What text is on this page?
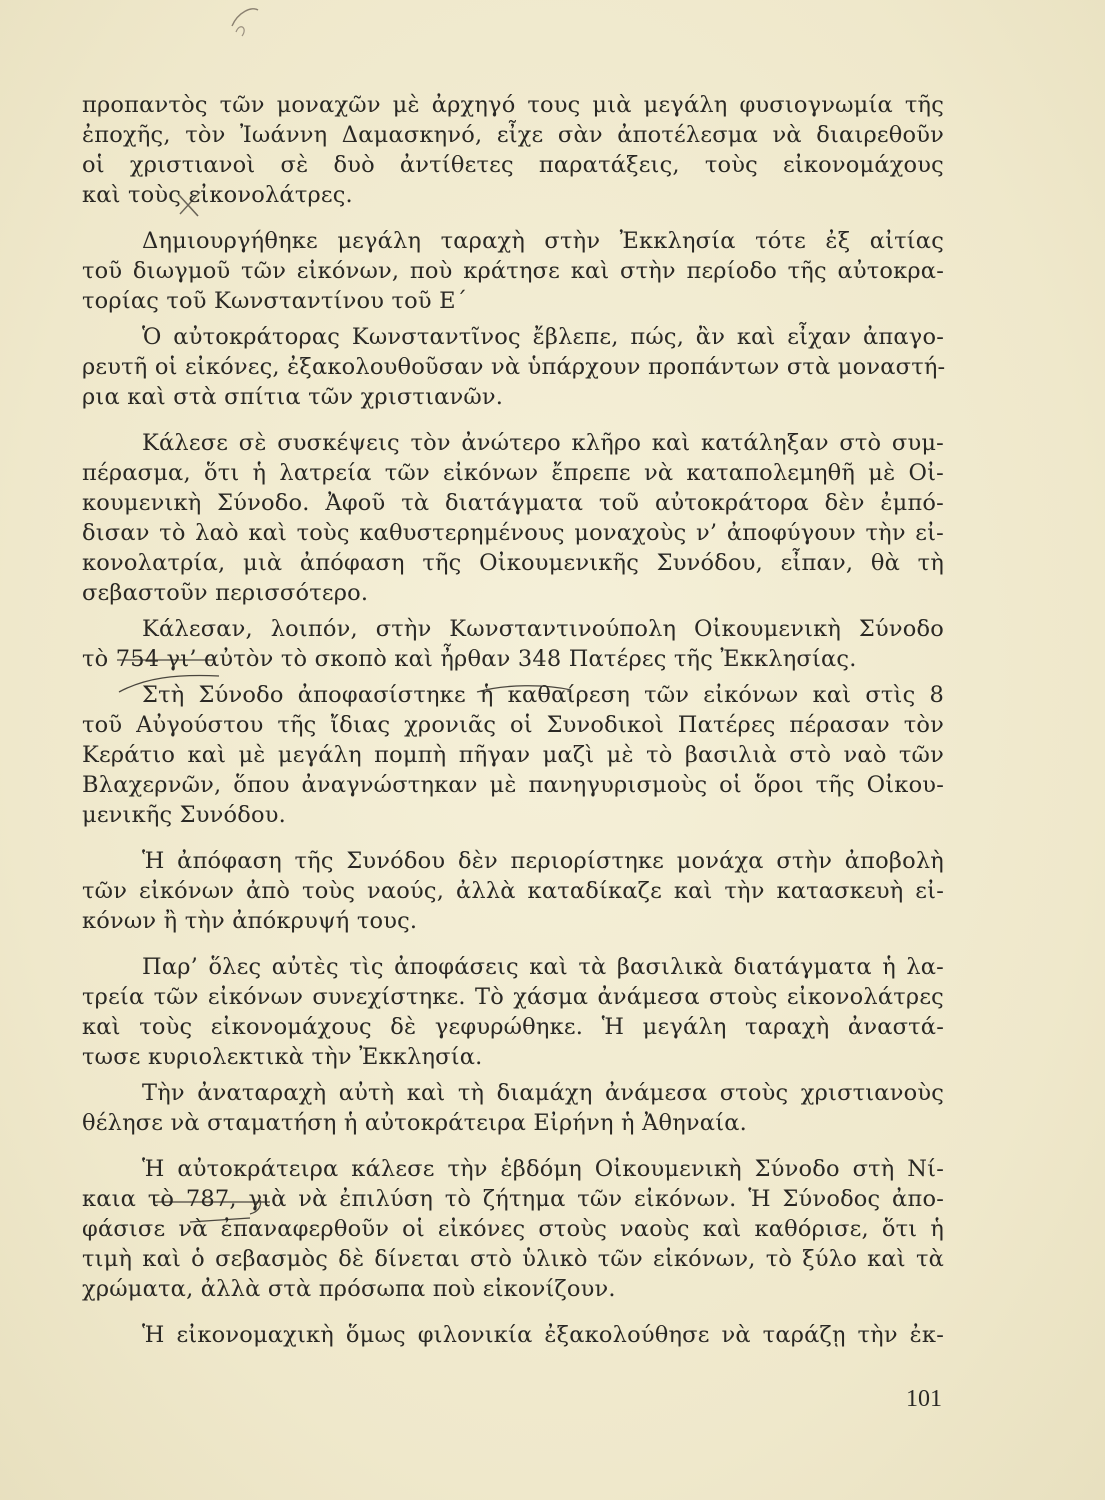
προπαντὸς τῶν μοναχῶν μὲ ἀρχηγό τους μιὰ μεγάλη φυσιογνωμία τῆς
ἐποχῆς, τὸν Ἰωάννη Δαμασκηνό, εἶχε σὰν ἀποτέλεσμα νὰ διαιρεθοῦν
οἱ χριστιανοὶ σὲ δυὸ ἀντίθετες παρατάξεις, τοὺς εἰκονομάχους
καὶ τοὺς εἰκονολάτρες.
Δημιουργήθηκε μεγάλη ταραχὴ στὴν Ἐκκλησία τότε ἐξ αἰτίας
τοῦ διωγμοῦ τῶν εἰκόνων, ποὺ κράτησε καὶ στὴν περίοδο τῆς αὐτοκρα-
τορίας τοῦ Κωνσταντίνου τοῦ Ε΄
Ὁ αὐτοκράτορας Κωνσταντῖνος ἔβλεπε, πώς, ἂν καὶ εἶχαν ἀπαγο-
ρευτῆ οἱ εἰκόνες, ἐξακολουθοῦσαν νὰ ὑπάρχουν προπάντων στὰ μοναστή-
ρια καὶ στὰ σπίτια τῶν χριστιανῶν.
Κάλεσε σὲ συσκέψεις τὸν ἀνώτερο κλῆρο καὶ κατάληξαν στὸ συμ-
πέρασμα, ὅτι ἡ λατρεία τῶν εἰκόνων ἔπρεπε νὰ καταπολεμηθῆ μὲ Οἰ-
κουμενικὴ Σύνοδο. Ἀφοῦ τὰ διατάγματα τοῦ αὐτοκράτορα δὲν ἐμπό-
δισαν τὸ λαὸ καὶ τοὺς καθυστερημένους μοναχοὺς ν’ ἀποφύγουν τὴν εἰ-
κονολατρία, μιὰ ἀπόφαση τῆς Οἰκουμενικῆς Συνόδου, εἶπαν, θὰ τὴ
σεβαστοῦν περισσότερο.
Κάλεσαν, λοιπόν, στὴν Κωνσταντινούπολη Οἰκουμενικὴ Σύνοδο
τὸ 754 γι’ αὐτὸν τὸ σκοπὸ καὶ ἦρθαν 348 Πατέρες τῆς Ἐκκλησίας.
Στὴ Σύνοδο ἀποφασίστηκε ἡ καθαίρεση τῶν εἰκόνων καὶ στὶς 8
τοῦ Αὐγούστου τῆς ἴδιας χρονιᾶς οἱ Συνοδικοὶ Πατέρες πέρασαν τὸν
Κεράτιο καὶ μὲ μεγάλη πομπὴ πῆγαν μαζὶ μὲ τὸ βασιλιὰ στὸ ναὸ τῶν
Βλαχερνῶν, ὅπου ἀναγνώστηκαν μὲ πανηγυρισμοὺς οἱ ὅροι τῆς Οἰκου-
μενικῆς Συνόδου.
Ἡ ἀπόφαση τῆς Συνόδου δὲν περιορίστηκε μονάχα στὴν ἀποβολὴ
τῶν εἰκόνων ἀπὸ τοὺς ναούς, ἀλλὰ καταδίκαζε καὶ τὴν κατασκευὴ εἰ-
κόνων ἢ τὴν ἀπόκρυψή τους.
Παρ’ ὅλες αὐτὲς τὶς ἀποφάσεις καὶ τὰ βασιλικὰ διατάγματα ἡ λα-
τρεία τῶν εἰκόνων συνεχίστηκε. Τὸ χάσμα ἀνάμεσα στοὺς εἰκονολάτρες
καὶ τοὺς εἰκονομάχους δὲ γεφυρώθηκε. Ἡ μεγάλη ταραχὴ ἀναστά-
τωσε κυριολεκτικὰ τὴν Ἐκκλησία.
Τὴν ἀναταραχὴ αὐτὴ καὶ τὴ διαμάχη ἀνάμεσα στοὺς χριστιανοὺς
θέλησε νὰ σταματήση ἡ αὐτοκράτειρα Εἰρήνη ἡ Ἀθηναία.
Ἡ αὐτοκράτειρα κάλεσε τὴν ἑβδόμη Οἰκουμενικὴ Σύνοδο στὴ Νί-
καια τὸ 787, γιὰ νὰ ἐπιλύση τὸ ζήτημα τῶν εἰκόνων. Ἡ Σύνοδος ἀπο-
φάσισε νὰ ἐπαναφερθοῦν οἱ εἰκόνες στοὺς ναοὺς καὶ καθόρισε, ὅτι ἡ
τιμὴ καὶ ὁ σεβασμὸς δὲ δίνεται στὸ ὑλικὸ τῶν εἰκόνων, τὸ ξύλο καὶ τὰ
χρώματα, ἀλλὰ στὰ πρόσωπα ποὺ εἰκονίζουν.
Ἡ εἰκονομαχικὴ ὅμως φιλονικία ἐξακολούθησε νὰ ταράζῃ τὴν ἐκ-
101
